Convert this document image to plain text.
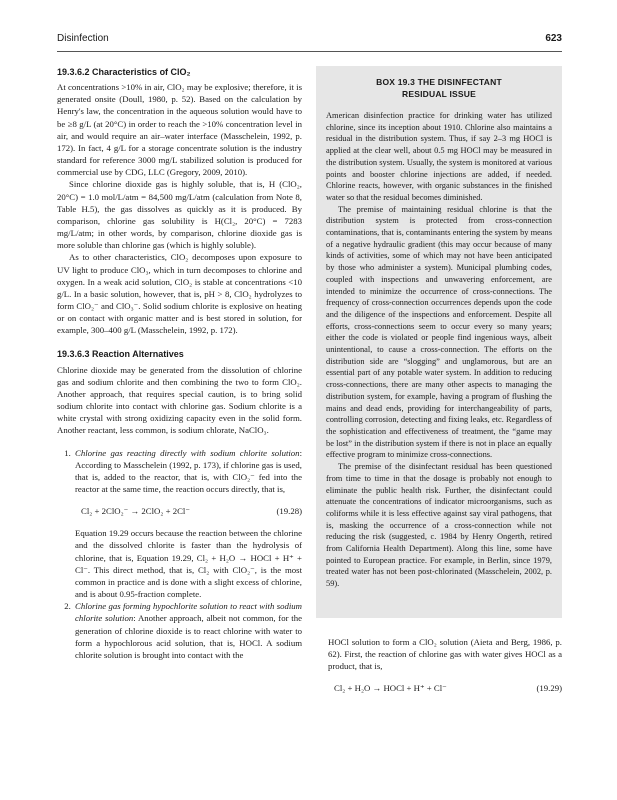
Disinfection	623
19.3.6.2 Characteristics of ClO₂

At concentrations >10% in air, ClO₂ may be explosive; therefore, it is generated onsite (Doull, 1980, p. 52). Based on the calculation by Henry's law, the concentration in the aqueous solution would have to be ≥8 g/L (at 20°C) in order to reach the >10% concentration level in air, and would require an air–water interface (Masschelein, 1992, p. 172). In fact, 4 g/L for a storage concentrate solution is the industry standard for reference 3000 mg/L stabilized solution is produced for commercial use by CDG, LLC (Gregory, 2009, 2010).

Since chlorine dioxide gas is highly soluble, that is, H (ClO₂, 20°C) = 1.0 mol/L/atm = 84,500 mg/L/atm (calculation from Note 8, Table H.5), the gas dissolves as quickly as it is produced. By comparison, chlorine gas solubility is H(Cl₂, 20°C) = 7283 mg/L/atm; in other words, by comparison, chlorine dioxide gas is more soluble than chlorine gas (which is highly soluble).

As to other characteristics, ClO₂ decomposes upon exposure to UV light to produce ClO₃, which in turn decomposes to chlorine and oxygen. In a weak acid solution, ClO₂ is stable at concentrations <10 g/L. In a basic solution, however, that is, pH > 8, ClO₂ hydrolyzes to form ClO₂⁻ and ClO₃⁻. Solid sodium chlorite is explosive on heating or on contact with organic matter and is best stored in solution, for example, 300–400 g/L (Masschelein, 1992, p. 172).

19.3.6.3 Reaction Alternatives

Chlorine dioxide may be generated from the dissolution of chlorine gas and sodium chlorite and then combining the two to form ClO₂. Another approach, that requires special caution, is to bring solid sodium chlorite into contact with chlorine gas. Sodium chlorite is a white crystal with strong oxidizing capacity even in the solid form. Another reactant, less common, is sodium chlorate, NaClO₃.

1. Chlorine gas reacting directly with sodium chlorite solution: According to Masschelein (1992, p. 173), if chlorine gas is used, that is, added to the reactor, that is, with ClO₂⁻ fed into the reactor at the same time, the reaction occurs directly, that is,
Cl₂ + 2ClO₂⁻ → 2ClO₂ + 2Cl⁻	(19.28)

Equation 19.29 occurs because the reaction between the chlorine and the dissolved chlorite is faster than the hydrolysis of chlorine, that is, Equation 19.29, Cl₂ + H₂O → HOCl + H⁺ + Cl⁻. This direct method, that is, Cl₂ with ClO₂⁻, is the most common in practice and is done with a slight excess of chlorine, and is about 0.95-fraction complete.

2. Chlorine gas forming hypochlorite solution to react with sodium chlorite solution: Another approach, albeit not common, for the generation of chlorine dioxide is to react chlorine with water to form a hypochlorous acid solution, that is, HOCl. A sodium chlorite solution is brought into contact with the
BOX 19.3 THE DISINFECTANT
RESIDUAL ISSUE

American disinfection practice for drinking water has utilized chlorine, since its inception about 1910. Chlorine also maintains a residual in the distribution system. Thus, if say 2–3 mg HOCl is applied at the clear well, about 0.5 mg HOCl may be measured in the distribution system. Usually, the system is monitored at various points and booster chlorine injections are added, if needed. Chlorine reacts, however, with organic substances in the finished water so that the residual becomes diminished.

The premise of maintaining residual chlorine is that the distribution system is protected from cross-connection contaminations, that is, contaminants entering the system by means of a negative hydraulic gradient (this may occur because of many kinds of activities, some of which may not have been anticipated by those who administer a system). Municipal plumbing codes, coupled with inspections and unwavering enforcement, are intended to minimize the occurrence of cross-connections. The frequency of cross-connection occurrences depends upon the code and the diligence of the inspections and enforcement. Despite all efforts, cross-connections seem to occur every so many years; either the code is violated or people find ingenious ways, albeit unintentional, to cause a cross-connection. The efforts on the distribution side are “slogging” and unglamorous, but are an essential part of any potable water system. In addition to reducing cross-connections, there are many other aspects to managing the distribution system, for example, having a program of flushing the mains and dead ends, providing for interchangeability of parts, controlling corrosion, detecting and fixing leaks, etc. Regardless of the sophistication and effectiveness of treatment, the “game may be lost” in the distribution system if there is not in place an equally effective program to minimize cross-connections.

The premise of the disinfectant residual has been questioned from time to time in that the dosage is probably not enough to eliminate the public health risk. Further, the disinfectant could attenuate the concentrations of indicator microorganisms, such as coliforms while it is less effective against say viral pathogens, that is, masking the occurrence of a cross-connection while not reducing the risk (suggested, c. 1984 by Henry Ongerth, retired from California Health Department). Along this line, some have pointed to European practice. For example, in Berlin, since 1979, treated water has not been post-chlorinated (Masschelein, 2002, p. 59).

HOCl solution to form a ClO₂ solution (Aieta and Berg, 1986, p. 62). First, the reaction of chlorine gas with water gives HOCl as a product, that is,

Cl₂ + H₂O → HOCl + H⁺ + Cl⁻	(19.29)
